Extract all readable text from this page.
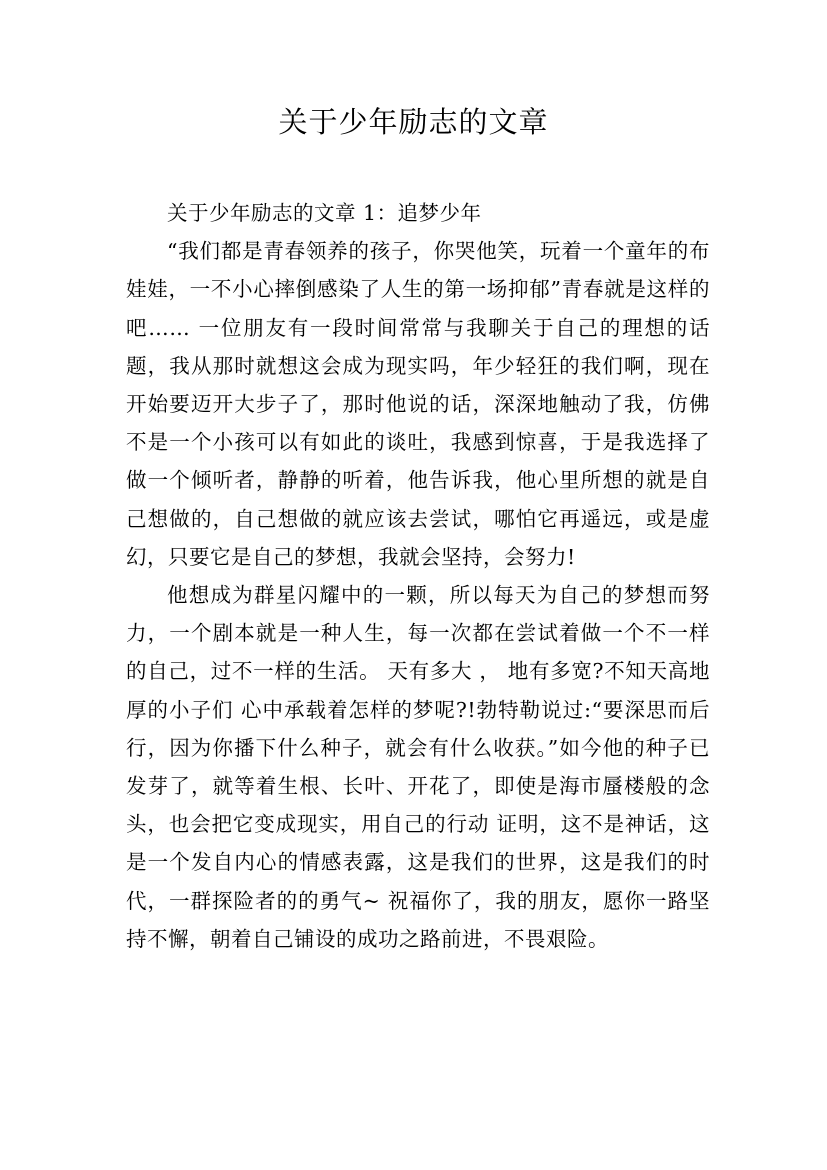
关于少年励志的文章

关于少年励志的文章 1：追梦少年

“我们都是青春领养的孩子，你哭他笑，玩着一个童年的布娃娃，一不小心摔倒感染了人生的第一场抑郁”青春就是这样的吧…… 一位朋友有一段时间常常与我聊关于自己的理想的话题，我从那时就想这会成为现实吗，年少轻狂的我们啊，现在开始要迈开大步子了，那时他说的话，深深地触动了我，仿佛不是一个小孩可以有如此的谈吐，我感到惊喜，于是我选择了做一个倾听者，静静的听着，他告诉我，他心里所想的就是自己想做的，自己想做的就应该去尝试，哪怕它再遥远，或是虚幻，只要它是自己的梦想，我就会坚持，会努力!

他想成为群星闪耀中的一颗，所以每天为自己的梦想而努力，一个剧本就是一种人生，每一次都在尝试着做一个不一样的自己，过不一样的生活。 天有多大 ， 地有多宽?不知天高地厚的小子们 心中承载着怎样的梦呢?!勃特勒说过:“要深思而后行，因为你播下什么种子，就会有什么收获。”如今他的种子已发芽了，就等着生根、长叶、开花了，即使是海市蜃楼般的念头，也会把它变成现实，用自己的行动 证明，这不是神话，这是一个发自内心的情感表露，这是我们的世界，这是我们的时代，一群探险者的的勇气~ 祝福你了，我的朋友，愿你一路坚持不懈，朝着自己铺设的成功之路前进，不畏艰险。
